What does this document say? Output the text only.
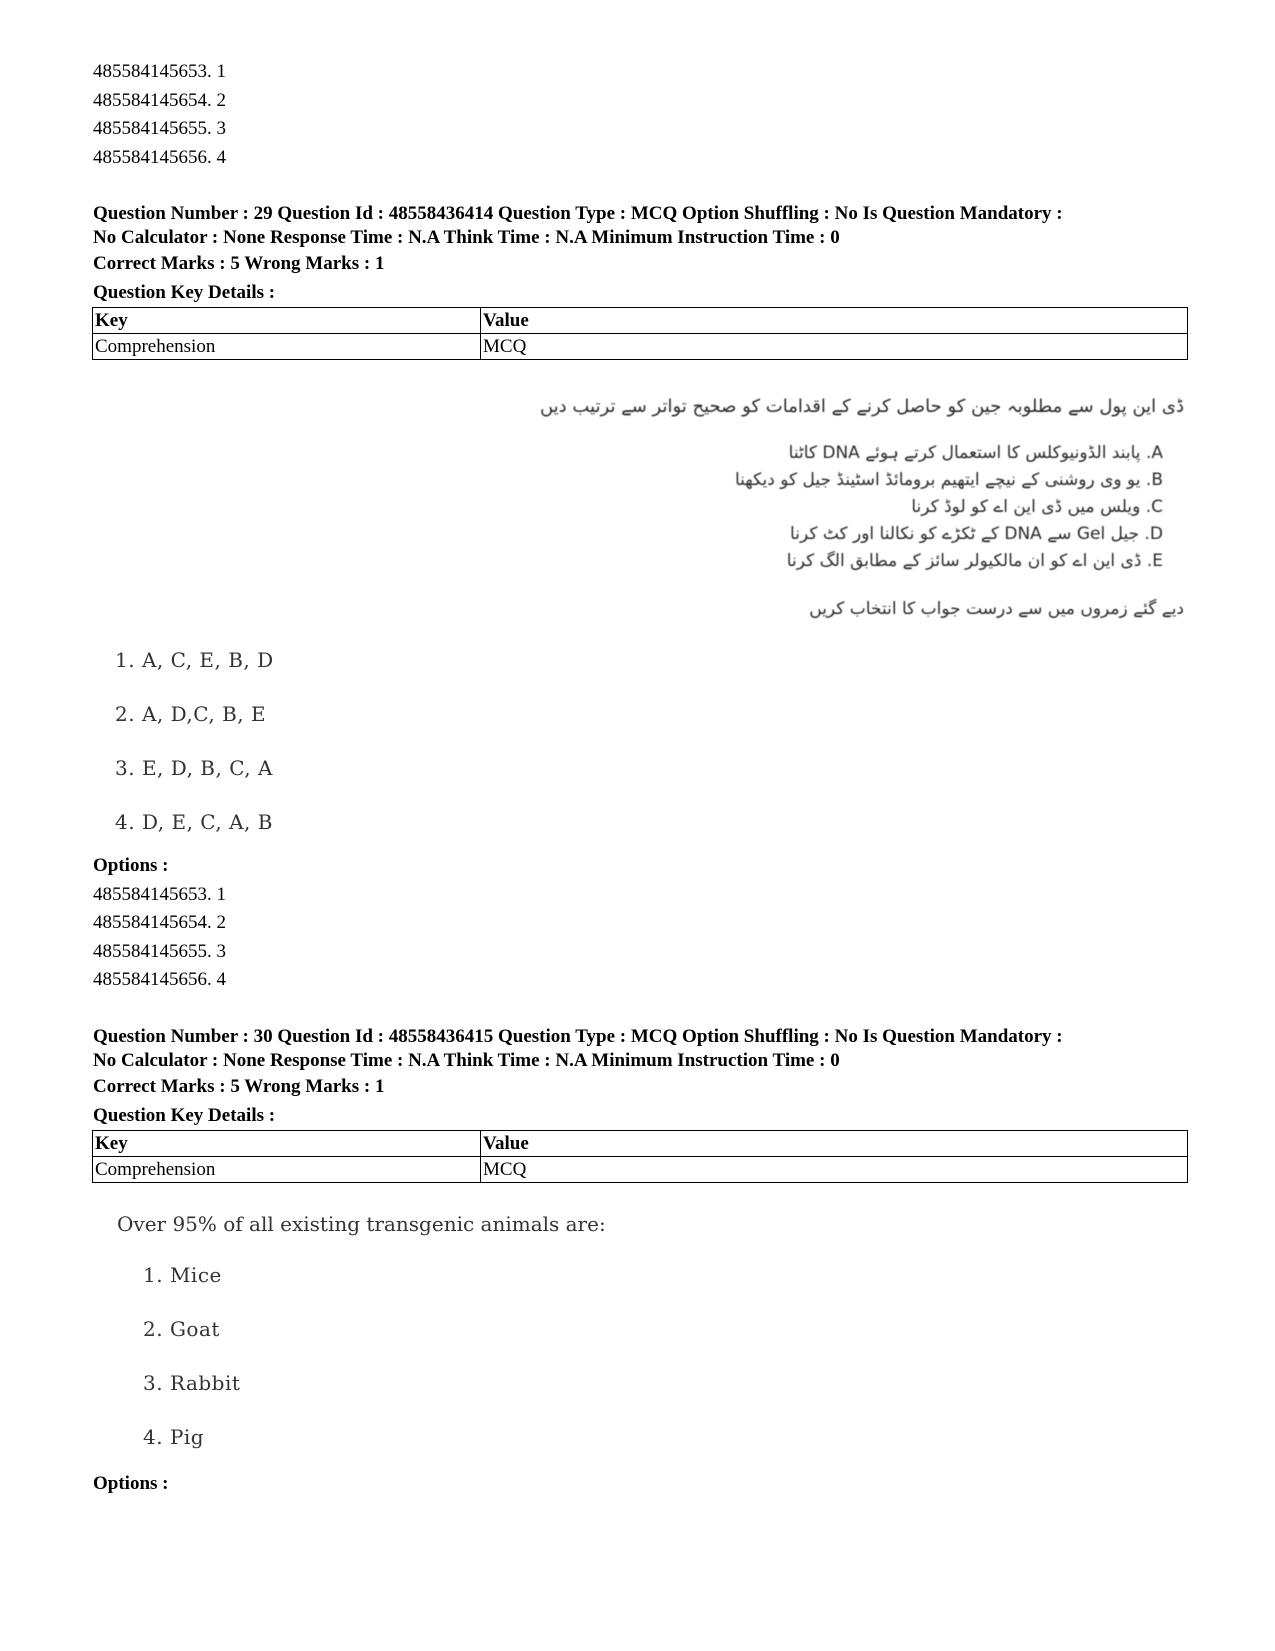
485584145653. 1
485584145654. 2
485584145655. 3
485584145656. 4
Question Number : 29 Question Id : 48558436414 Question Type : MCQ Option Shuffling : No Is Question Mandatory :
No Calculator : None Response Time : N.A Think Time : N.A Minimum Instruction Time : 0
Correct Marks : 5 Wrong Marks : 1
Question Key Details :
Key	Value
Comprehension	MCQ
ڈی این پول سے مطلوبہ جین کو حاصل کرنے کے اقدامات کو صحیح تواتر سے ترتیب دیں
A. پابند الڈونیوکلس کا استعمال کرتے ہوئے DNA کاٹنا
B. یو وی روشنی کے نیچے ایتھیم برومائڈ اسٹینڈ جیل کو دیکھنا
C. ویلس میں ڈی این اے کو لوڈ کرنا
D. جیل Gel سے DNA کے ٹکڑے کو نکالنا اور کٹ کرنا
E. ڈی این اے کو ان مالکیولر سائز کے مطابق الگ کرنا
دیے گئے زمروں میں سے درست جواب کا انتخاب کریں
1. A, C, E, B, D
2. A, D,C, B, E
3. E, D, B, C, A
4. D, E, C, A, B
Options :
485584145653. 1
485584145654. 2
485584145655. 3
485584145656. 4
Question Number : 30 Question Id : 48558436415 Question Type : MCQ Option Shuffling : No Is Question Mandatory :
No Calculator : None Response Time : N.A Think Time : N.A Minimum Instruction Time : 0
Correct Marks : 5 Wrong Marks : 1
Question Key Details :
Key	Value
Comprehension	MCQ
Over 95% of all existing transgenic animals are:
1. Mice
2. Goat
3. Rabbit
4. Pig
Options :
